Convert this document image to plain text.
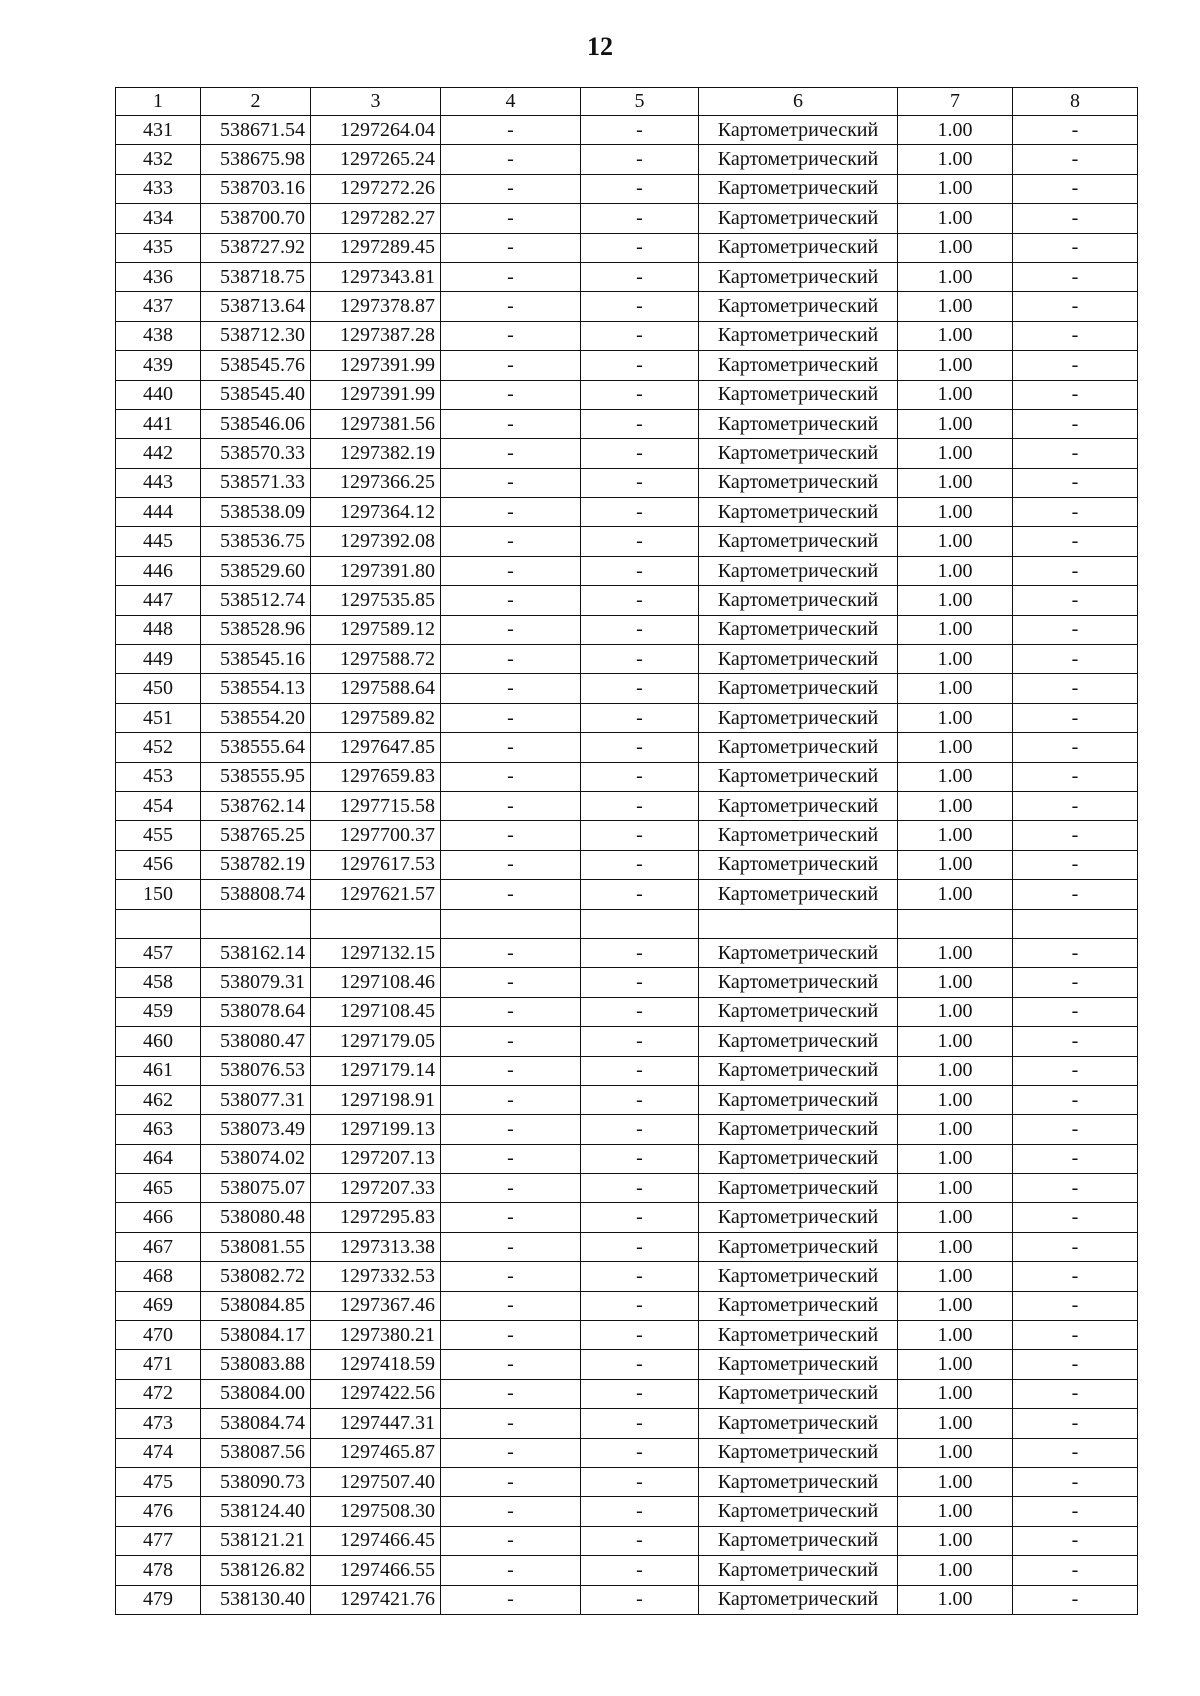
12
1	2	3	4	5	6	7	8
431	538671.54	1297264.04	-	-	Картометрический	1.00	-
432	538675.98	1297265.24	-	-	Картометрический	1.00	-
433	538703.16	1297272.26	-	-	Картометрический	1.00	-
434	538700.70	1297282.27	-	-	Картометрический	1.00	-
435	538727.92	1297289.45	-	-	Картометрический	1.00	-
436	538718.75	1297343.81	-	-	Картометрический	1.00	-
437	538713.64	1297378.87	-	-	Картометрический	1.00	-
438	538712.30	1297387.28	-	-	Картометрический	1.00	-
439	538545.76	1297391.99	-	-	Картометрический	1.00	-
440	538545.40	1297391.99	-	-	Картометрический	1.00	-
441	538546.06	1297381.56	-	-	Картометрический	1.00	-
442	538570.33	1297382.19	-	-	Картометрический	1.00	-
443	538571.33	1297366.25	-	-	Картометрический	1.00	-
444	538538.09	1297364.12	-	-	Картометрический	1.00	-
445	538536.75	1297392.08	-	-	Картометрический	1.00	-
446	538529.60	1297391.80	-	-	Картометрический	1.00	-
447	538512.74	1297535.85	-	-	Картометрический	1.00	-
448	538528.96	1297589.12	-	-	Картометрический	1.00	-
449	538545.16	1297588.72	-	-	Картометрический	1.00	-
450	538554.13	1297588.64	-	-	Картометрический	1.00	-
451	538554.20	1297589.82	-	-	Картометрический	1.00	-
452	538555.64	1297647.85	-	-	Картометрический	1.00	-
453	538555.95	1297659.83	-	-	Картометрический	1.00	-
454	538762.14	1297715.58	-	-	Картометрический	1.00	-
455	538765.25	1297700.37	-	-	Картометрический	1.00	-
456	538782.19	1297617.53	-	-	Картометрический	1.00	-
150	538808.74	1297621.57	-	-	Картометрический	1.00	-

457	538162.14	1297132.15	-	-	Картометрический	1.00	-
458	538079.31	1297108.46	-	-	Картометрический	1.00	-
459	538078.64	1297108.45	-	-	Картометрический	1.00	-
460	538080.47	1297179.05	-	-	Картометрический	1.00	-
461	538076.53	1297179.14	-	-	Картометрический	1.00	-
462	538077.31	1297198.91	-	-	Картометрический	1.00	-
463	538073.49	1297199.13	-	-	Картометрический	1.00	-
464	538074.02	1297207.13	-	-	Картометрический	1.00	-
465	538075.07	1297207.33	-	-	Картометрический	1.00	-
466	538080.48	1297295.83	-	-	Картометрический	1.00	-
467	538081.55	1297313.38	-	-	Картометрический	1.00	-
468	538082.72	1297332.53	-	-	Картометрический	1.00	-
469	538084.85	1297367.46	-	-	Картометрический	1.00	-
470	538084.17	1297380.21	-	-	Картометрический	1.00	-
471	538083.88	1297418.59	-	-	Картометрический	1.00	-
472	538084.00	1297422.56	-	-	Картометрический	1.00	-
473	538084.74	1297447.31	-	-	Картометрический	1.00	-
474	538087.56	1297465.87	-	-	Картометрический	1.00	-
475	538090.73	1297507.40	-	-	Картометрический	1.00	-
476	538124.40	1297508.30	-	-	Картометрический	1.00	-
477	538121.21	1297466.45	-	-	Картометрический	1.00	-
478	538126.82	1297466.55	-	-	Картометрический	1.00	-
479	538130.40	1297421.76	-	-	Картометрический	1.00	-
